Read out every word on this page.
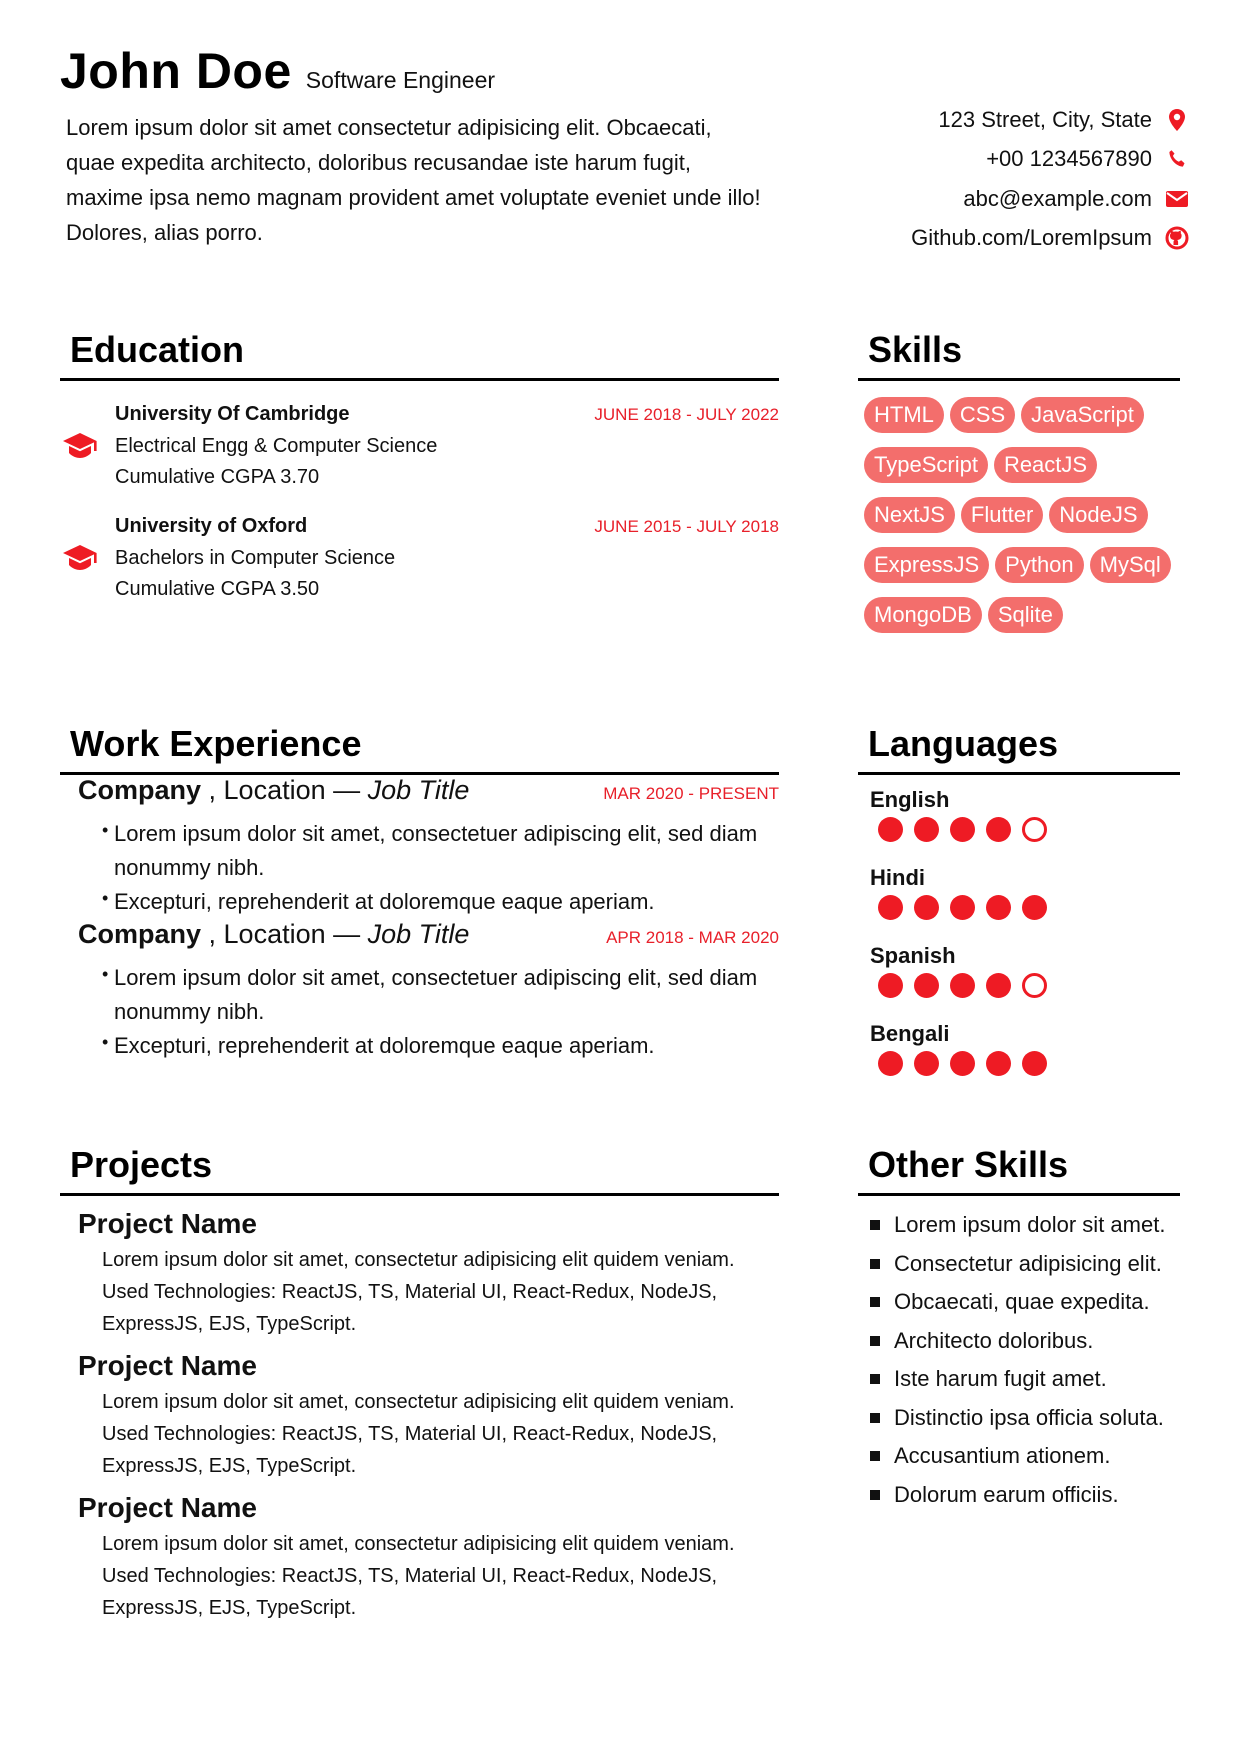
John Doe Software Engineer
Lorem ipsum dolor sit amet consectetur adipisicing elit. Obcaecati, quae expedita architecto, doloribus recusandae iste harum fugit, maxime ipsa nemo magnam provident amet voluptate eveniet unde illo! Dolores, alias porro.
123 Street, City, State
+00 1234567890
abc@example.com
Github.com/LoremIpsum
Education
University Of Cambridge
Electrical Engg & Computer Science
Cumulative CGPA 3.70
JUNE 2018 - JULY 2022
University of Oxford
Bachelors in Computer Science
Cumulative CGPA 3.50
JUNE 2015 - JULY 2018
Skills
HTML	CSS	JavaScript
TypeScript	ReactJS
NextJS	Flutter	NodeJS
ExpressJS	Python	MySql
MongoDB	Sqlite
Work Experience
Company , Location — Job Title	MAR 2020 - PRESENT
• Lorem ipsum dolor sit amet, consectetuer adipiscing elit, sed diam nonummy nibh.
• Excepturi, reprehenderit at doloremque eaque aperiam.
Company , Location — Job Title	APR 2018 - MAR 2020
• Lorem ipsum dolor sit amet, consectetuer adipiscing elit, sed diam nonummy nibh.
• Excepturi, reprehenderit at doloremque eaque aperiam.
Languages
English
Hindi
Spanish
Bengali
Projects
Project Name
Lorem ipsum dolor sit amet, consectetur adipisicing elit quidem veniam.
Used Technologies: ReactJS, TS, Material UI, React-Redux, NodeJS, ExpressJS, EJS, TypeScript.
Project Name
Lorem ipsum dolor sit amet, consectetur adipisicing elit quidem veniam.
Used Technologies: ReactJS, TS, Material UI, React-Redux, NodeJS, ExpressJS, EJS, TypeScript.
Project Name
Lorem ipsum dolor sit amet, consectetur adipisicing elit quidem veniam.
Used Technologies: ReactJS, TS, Material UI, React-Redux, NodeJS, ExpressJS, EJS, TypeScript.
Other Skills
Lorem ipsum dolor sit amet.
Consectetur adipisicing elit.
Obcaecati, quae expedita.
Architecto doloribus.
Iste harum fugit amet.
Distinctio ipsa officia soluta.
Accusantium ationem.
Dolorum earum officiis.
